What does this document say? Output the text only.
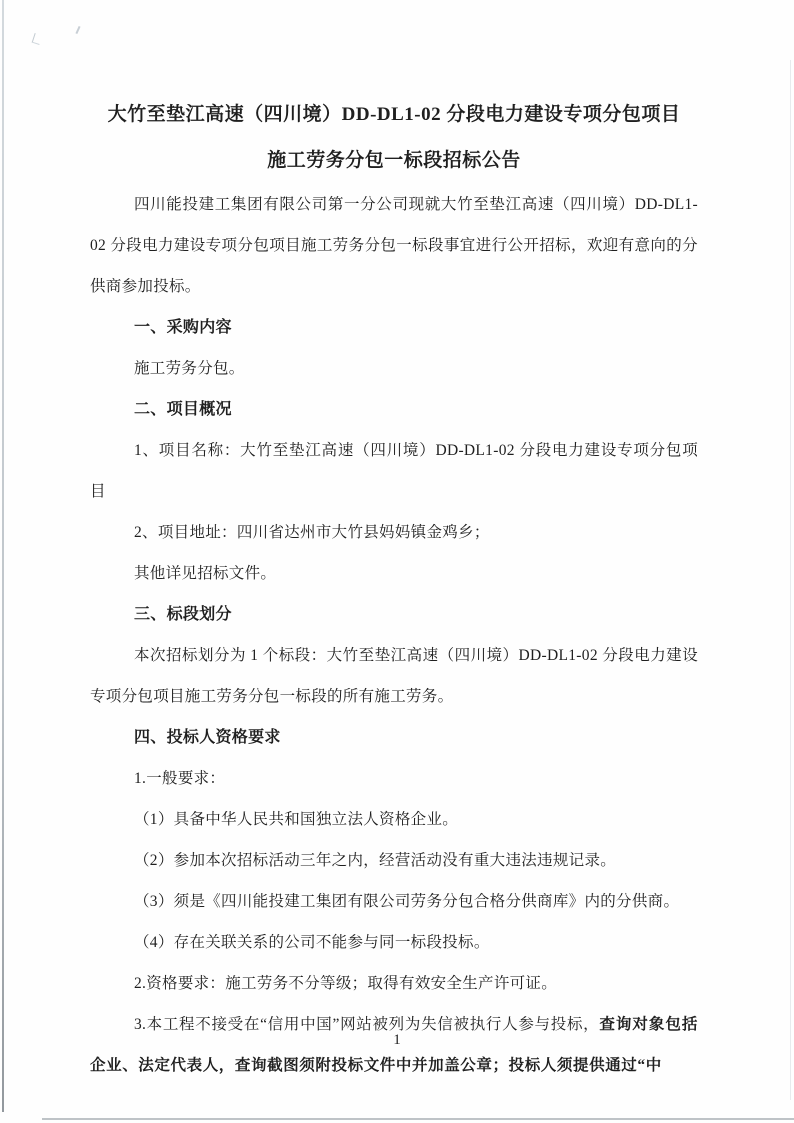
大竹至垫江高速（四川境）DD-DL1-02 分段电力建设专项分包项目
施工劳务分包一标段招标公告

四川能投建工集团有限公司第一分公司现就大竹至垫江高速（四川境）DD-DL1-02 分段电力建设专项分包项目施工劳务分包一标段事宜进行公开招标，欢迎有意向的分供商参加投标。

一、采购内容

施工劳务分包。

二、项目概况

1、项目名称：大竹至垫江高速（四川境）DD-DL1-02 分段电力建设专项分包项目

2、项目地址：四川省达州市大竹县妈妈镇金鸡乡；

其他详见招标文件。

三、标段划分

本次招标划分为 1 个标段：大竹至垫江高速（四川境）DD-DL1-02 分段电力建设专项分包项目施工劳务分包一标段的所有施工劳务。

四、投标人资格要求

1.一般要求：

（1）具备中华人民共和国独立法人资格企业。

（2）参加本次招标活动三年之内，经营活动没有重大违法违规记录。

（3）须是《四川能投建工集团有限公司劳务分包合格分供商库》内的分供商。

（4）存在关联关系的公司不能参与同一标段投标。

2.资格要求：施工劳务不分等级；取得有效安全生产许可证。

3.本工程不接受在“信用中国”网站被列为失信被执行人参与投标，查询对象包括企业、法定代表人，查询截图须附投标文件中并加盖公章；投标人须提供通过“中

1
